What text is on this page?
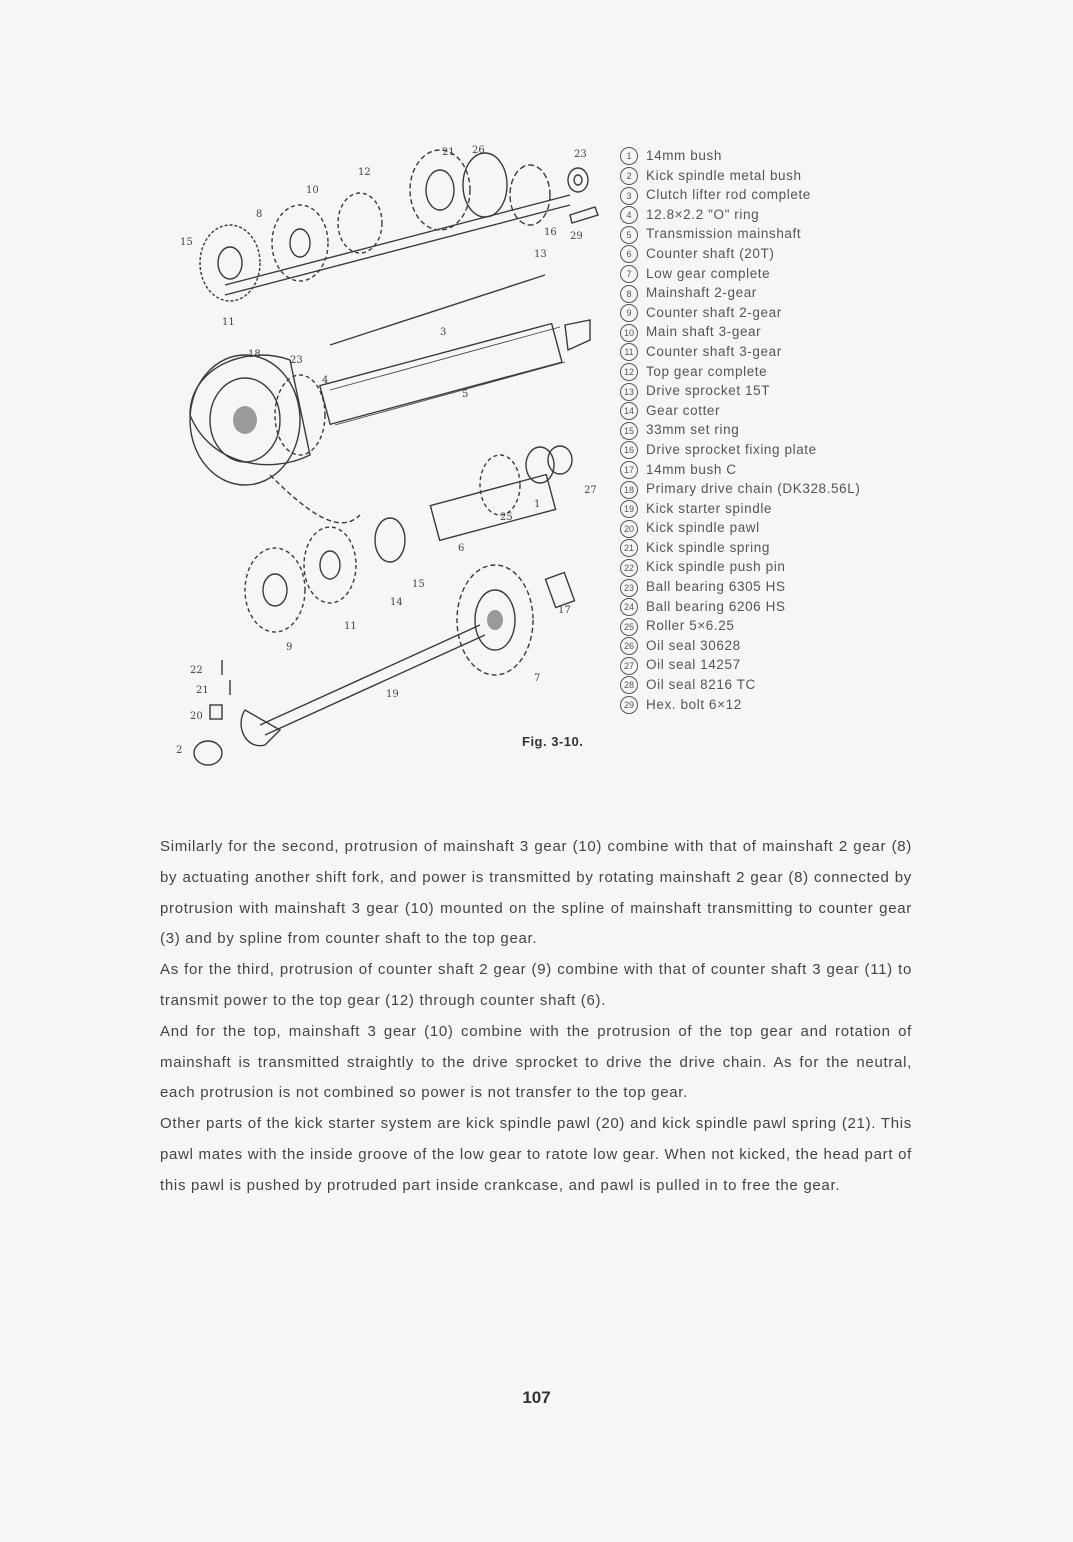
21 26	23
12
10
16 29
13
8
15
11
3
18
23
4
5
27
1
25
6
15
14
11
9
17
22
21
20
2
19
7
1 14mm bush
2 Kick spindle metal bush
3 Clutch lifter rod complete
4 12.8×2.2 "O" ring
5 Transmission mainshaft
6 Counter shaft (20T)
7 Low gear complete
8 Mainshaft 2-gear
9 Counter shaft 2-gear
10 Main shaft 3-gear
11 Counter shaft 3-gear
12 Top gear complete
13 Drive sprocket 15T
14 Gear cotter
15 33mm set ring
16 Drive sprocket fixing plate
17 14mm bush C
18 Primary drive chain (DK328.56L)
19 Kick starter spindle
20 Kick spindle pawl
21 Kick spindle spring
22 Kick spindle push pin
23 Ball bearing 6305 HS
24 Ball bearing 6206 HS
25 Roller 5×6.25
26 Oil seal 30628
27 Oil seal 14257
28 Oil seal 8216 TC
29 Hex. bolt 6×12
Fig. 3-10.

Similarly for the second, protrusion of mainshaft 3 gear (10) combine with that of mainshaft 2 gear (8) by actuating another shift fork, and power is transmitted by rotating mainshaft 2 gear (8) connected by protrusion with mainshaft 3 gear (10) mounted on the spline of mainshaft transmitting to counter gear (3) and by spline from counter shaft to the top gear.

As for the third, protrusion of counter shaft 2 gear (9) combine with that of counter shaft 3 gear (11) to transmit power to the top gear (12) through counter shaft (6).

And for the top, mainshaft 3 gear (10) combine with the protrusion of the top gear and rotation of mainshaft is transmitted straightly to the drive sprocket to drive the drive chain. As for the neutral, each protrusion is not combined so power is not transfer to the top gear.

Other parts of the kick starter system are kick spindle pawl (20) and kick spindle pawl spring (21). This pawl mates with the inside groove of the low gear to ratote low gear. When not kicked, the head part of this pawl is pushed by protruded part inside crankcase, and pawl is pulled in to free the gear.

107
